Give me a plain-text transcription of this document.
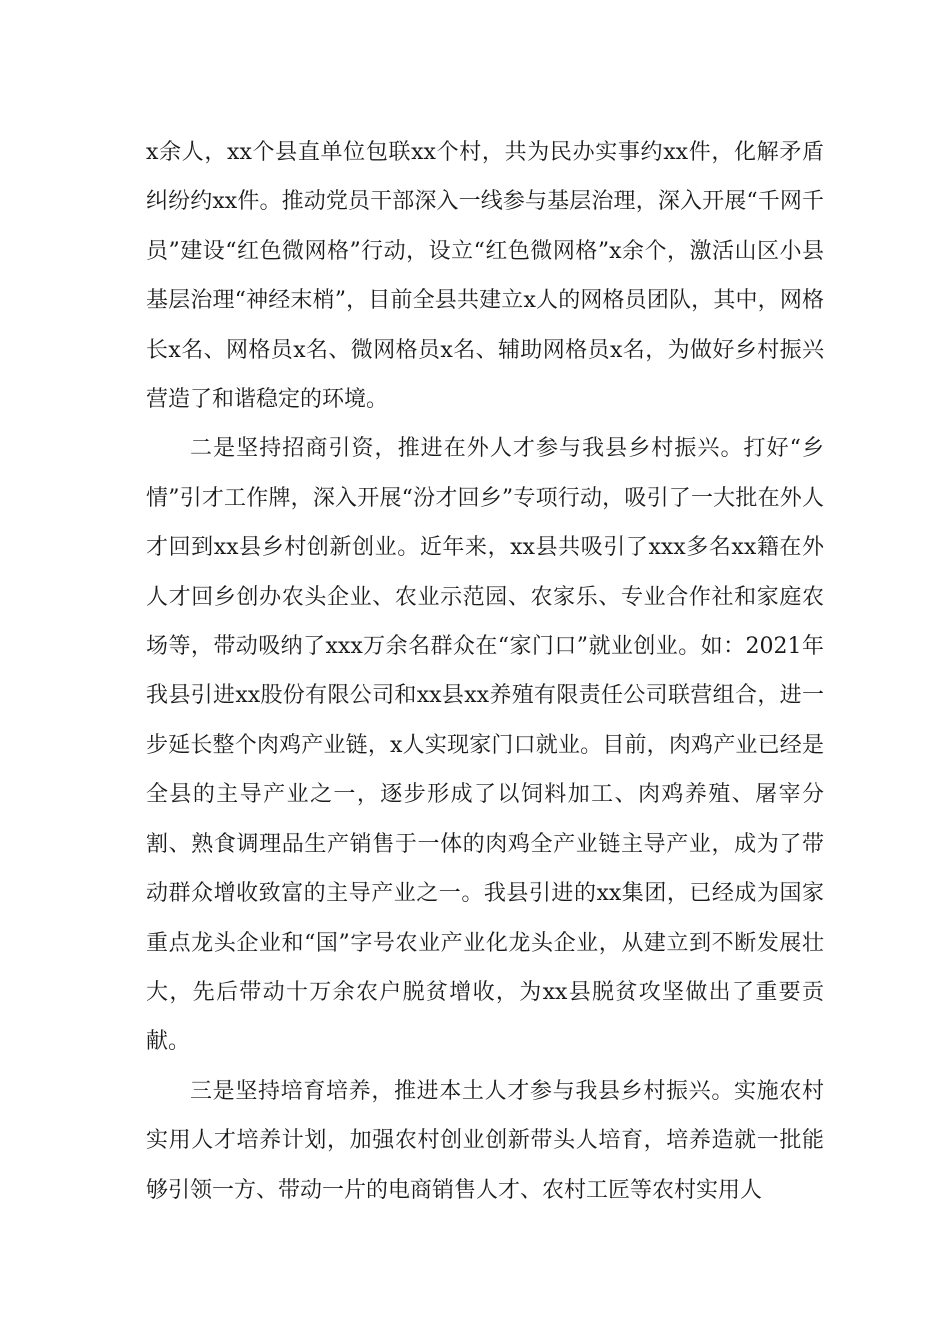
x余人，xx个县直单位包联xx个村，共为民办实事约xx件，化解矛盾纠纷约xx件。推动党员干部深入一线参与基层治理，深入开展“千网千员”建设“红色微网格”行动，设立“红色微网格”x余个，激活山区小县基层治理“神经末梢”，目前全县共建立x人的网格员团队，其中，网格长x名、网格员x名、微网格员x名、辅助网格员x名，为做好乡村振兴营造了和谐稳定的环境。

二是坚持招商引资，推进在外人才参与我县乡村振兴。打好“乡情”引才工作牌，深入开展“汾才回乡”专项行动，吸引了一大批在外人才回到xx县乡村创新创业。近年来，xx县共吸引了xxx多名xx籍在外人才回乡创办农头企业、农业示范园、农家乐、专业合作社和家庭农场等，带动吸纳了xxx万余名群众在“家门口”就业创业。如：2021年我县引进xx股份有限公司和xx县xx养殖有限责任公司联营组合，进一步延长整个肉鸡产业链，x人实现家门口就业。目前，肉鸡产业已经是全县的主导产业之一，逐步形成了以饲料加工、肉鸡养殖、屠宰分割、熟食调理品生产销售于一体的肉鸡全产业链主导产业，成为了带动群众增收致富的主导产业之一。我县引进的xx集团，已经成为国家重点龙头企业和“国”字号农业产业化龙头企业，从建立到不断发展壮大，先后带动十万余农户脱贫增收，为xx县脱贫攻坚做出了重要贡献。

三是坚持培育培养，推进本土人才参与我县乡村振兴。实施农村实用人才培养计划，加强农村创业创新带头人培育，培养造就一批能够引领一方、带动一片的电商销售人才、农村工匠等农村实用人
